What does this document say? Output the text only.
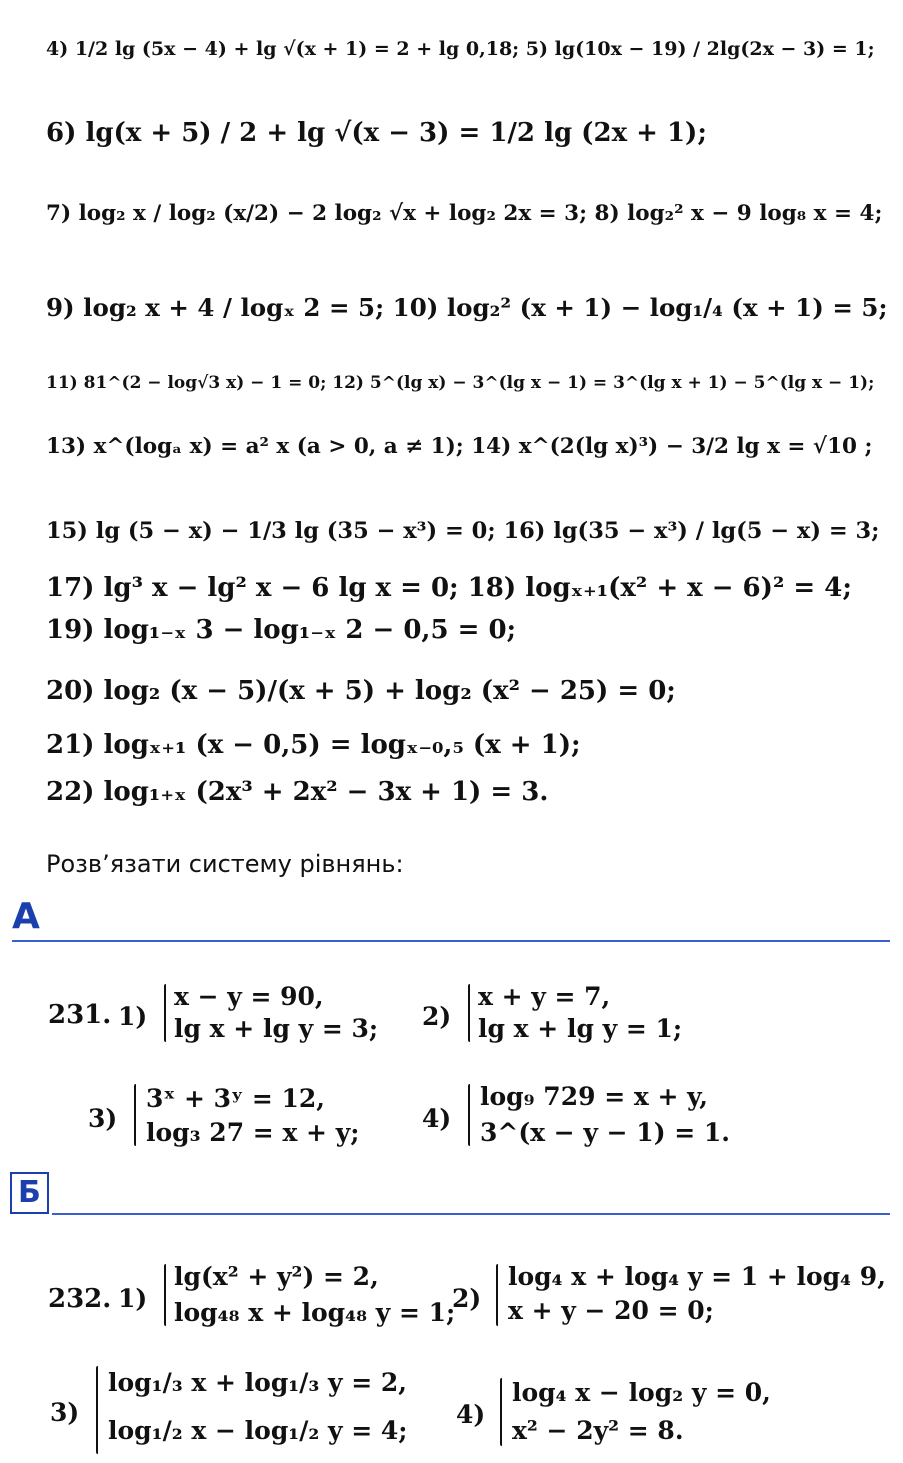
4) 1/2 lg (5x − 4) + lg √(x + 1) = 2 + lg 0,18; 5) lg(10x − 19) / 2lg(2x − 3) = 1;
6) lg(x + 5) / 2 + lg √(x − 3) = 1/2 lg (2x + 1);
7) log₂ x / log₂ (x/2) − 2 log₂ √x + log₂ 2x = 3; 8) log₂² x − 9 log₈ x = 4;
9) log₂ x + 4 / logₓ 2 = 5; 10) log₂² (x + 1) − log₁/₄ (x + 1) = 5;
11) 81^(2 − log√3 x) − 1 = 0; 12) 5^(lg x) − 3^(lg x − 1) = 3^(lg x + 1) − 5^(lg x − 1);
13) x^(logₐ x) = a² x (a > 0, a ≠ 1); 14) x^(2(lg x)³) − 3/2 lg x = √10 ;
15) lg (5 − x) − 1/3 lg (35 − x³) = 0; 16) lg(35 − x³) / lg(5 − x) = 3;
17) lg³ x − lg² x − 6 lg x = 0; 18) logₓ₊₁(x² + x − 6)² = 4;
19) log₁₋ₓ 3 − log₁₋ₓ 2 − 0,5 = 0;
20) log₂ (x − 5)/(x + 5) + log₂ (x² − 25) = 0;
21) logₓ₊₁ (x − 0,5) = logₓ₋₀,₅ (x + 1);
22) log₁₊ₓ (2x³ + 2x² − 3x + 1) = 3.
Розв’язати систему рівнянь:
А
231. 1)
x − y = 90,
lg x + lg y = 3; 2)
x + y = 7,
lg x + lg y = 1;
3)
3ˣ + 3ʸ = 12,
log₃ 27 = x + y;	4)
log₉ 729 = x + y,
3^(x − y − 1) = 1.
Б
232. 1)
lg(x² + y²) = 2,
log₄₈ x + log₄₈ y = 1;
2)
log₄ x + log₄ y = 1 + log₄ 9,
x + y − 20 = 0;
3)
log₁/₃ x + log₁/₃ y = 2,
log₁/₂ x − log₁/₂ y = 4;
4)
log₄ x − log₂ y = 0,
x² − 2y² = 8.
